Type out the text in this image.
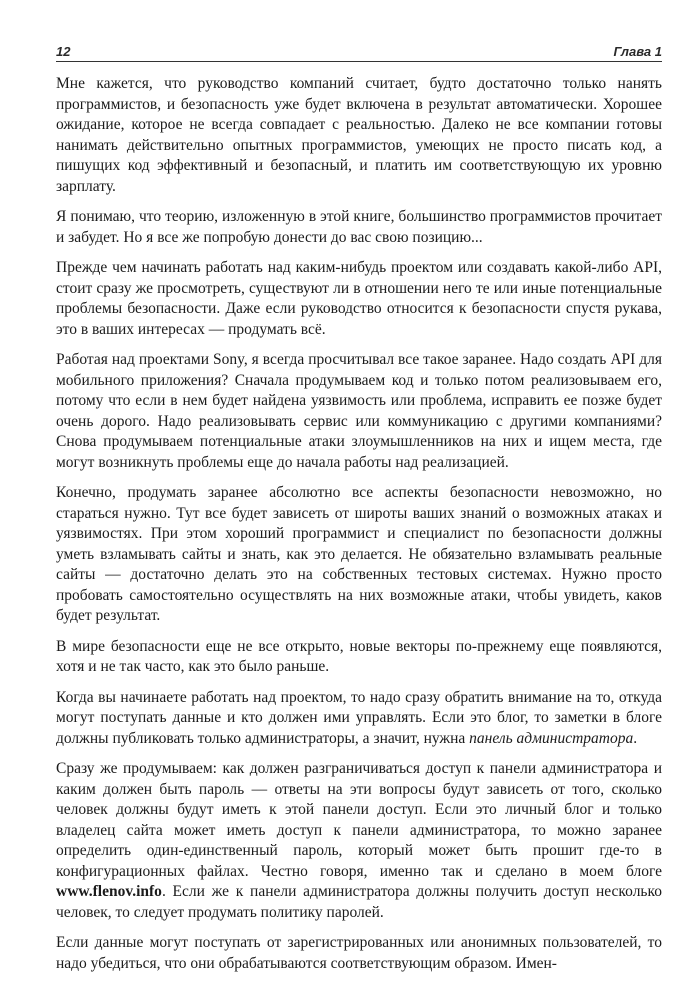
12	Глава 1

Мне кажется, что руководство компаний считает, будто достаточно только нанять программистов, и безопасность уже будет включена в результат автоматически. Хорошее ожидание, которое не всегда совпадает с реальностью. Далеко не все компании готовы нанимать действительно опытных программистов, умеющих не просто писать код, а пишущих код эффективный и безопасный, и платить им соответствующую их уровню зарплату.

Я понимаю, что теорию, изложенную в этой книге, большинство программистов прочитает и забудет. Но я все же попробую донести до вас свою позицию...

Прежде чем начинать работать над каким-нибудь проектом или создавать какой-либо API, стоит сразу же просмотреть, существуют ли в отношении него те или иные потенциальные проблемы безопасности. Даже если руководство относится к безопасности спустя рукава, это в ваших интересах — продумать всё.

Работая над проектами Sony, я всегда просчитывал все такое заранее. Надо создать API для мобильного приложения? Сначала продумываем код и только потом реализовываем его, потому что если в нем будет найдена уязвимость или проблема, исправить ее позже будет очень дорого. Надо реализовывать сервис или коммуникацию с другими компаниями? Снова продумываем потенциальные атаки злоумышленников на них и ищем места, где могут возникнуть проблемы еще до начала работы над реализацией.

Конечно, продумать заранее абсолютно все аспекты безопасности невозможно, но стараться нужно. Тут все будет зависеть от широты ваших знаний о возможных атаках и уязвимостях. При этом хороший программист и специалист по безопасности должны уметь взламывать сайты и знать, как это делается. Не обязательно взламывать реальные сайты — достаточно делать это на собственных тестовых системах. Нужно просто пробовать самостоятельно осуществлять на них возможные атаки, чтобы увидеть, каков будет результат.

В мире безопасности еще не все открыто, новые векторы по-прежнему еще появляются, хотя и не так часто, как это было раньше.

Когда вы начинаете работать над проектом, то надо сразу обратить внимание на то, откуда могут поступать данные и кто должен ими управлять. Если это блог, то заметки в блоге должны публиковать только администраторы, а значит, нужна панель администратора.

Сразу же продумываем: как должен разграничиваться доступ к панели администратора и каким должен быть пароль — ответы на эти вопросы будут зависеть от того, сколько человек должны будут иметь к этой панели доступ. Если это личный блог и только владелец сайта может иметь доступ к панели администратора, то можно заранее определить один-единственный пароль, который может быть прошит где-то в конфигурационных файлах. Честно говоря, именно так и сделано в моем блоге www.flenov.info. Если же к панели администратора должны получить доступ несколько человек, то следует продумать политику паролей.

Если данные могут поступать от зарегистрированных или анонимных пользователей, то надо убедиться, что они обрабатываются соответствующим образом. Имен-
